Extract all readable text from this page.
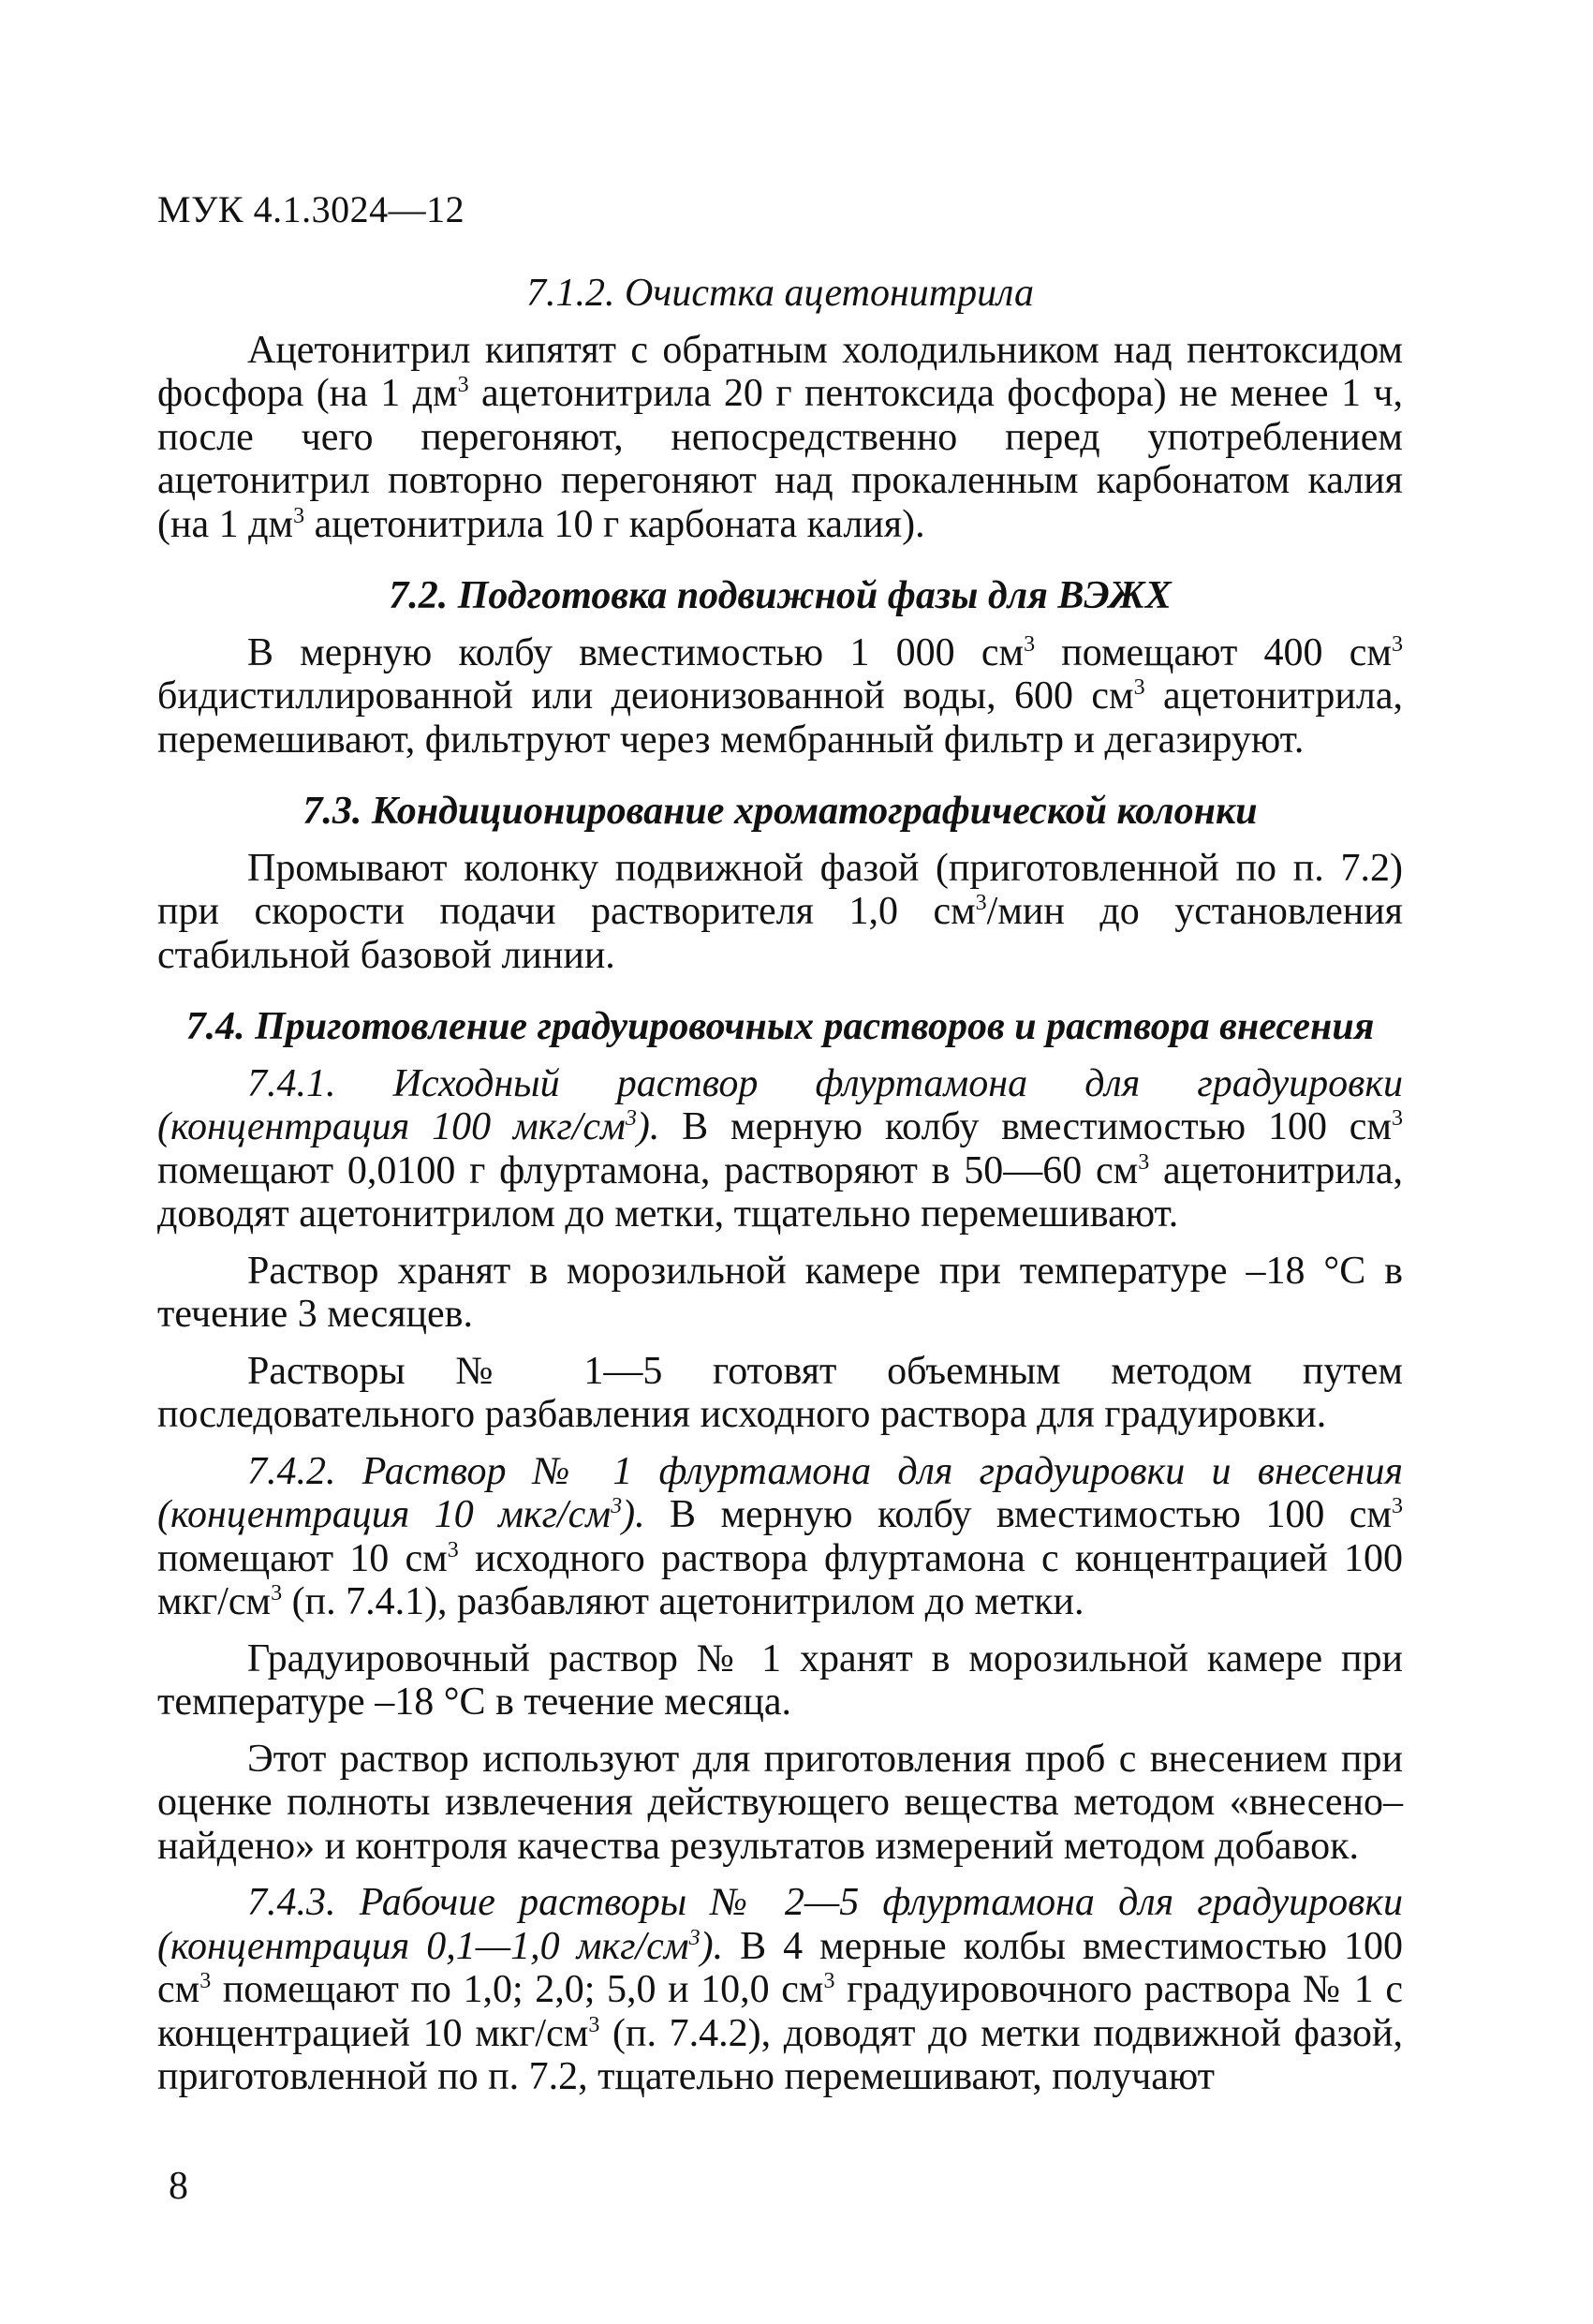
МУК 4.1.3024—12

7.1.2. Очистка ацетонитрила

Ацетонитрил кипятят с обратным холодильником над пентоксидом фосфора (на 1 $дм^3$ ацетонитрила 20 г пентоксида фосфора) не менее 1 ч, после чего перегоняют, непосредственно перед употреблением ацетонитрил повторно перегоняют над прокаленным карбонатом калия (на 1 $дм^3$ ацетонитрила 10 г карбоната калия).

7.2. Подготовка подвижной фазы для ВЭЖХ

В мерную колбу вместимостью 1 000 $см^3$ помещают 400 $см^3$ бидистиллированной или деионизованной воды, 600 $см^3$ ацетонитрила, перемешивают, фильтруют через мембранный фильтр и дегазируют.

7.3. Кондиционирование хроматографической колонки

Промывают колонку подвижной фазой (приготовленной по п. 7.2) при скорости подачи растворителя 1,0 $см^3$/мин до установления стабильной базовой линии.

7.4. Приготовление градуировочных растворов и раствора внесения

7.4.1. Исходный раствор флуртамона для градуировки (концентрация 100 мкг/$см^3$). В мерную колбу вместимостью 100 $см^3$ помещают 0,0100 г флуртамона, растворяют в 50—60 $см^3$ ацетонитрила, доводят ацетонитрилом до метки, тщательно перемешивают.

Раствор хранят в морозильной камере при температуре –18 °С в течение 3 месяцев.

Растворы № 1—5 готовят объемным методом путем последовательного разбавления исходного раствора для градуировки.

7.4.2. Раствор № 1 флуртамона для градуировки и внесения (концентрация 10 мкг/$см^3$). В мерную колбу вместимостью 100 $см^3$ помещают 10 $см^3$ исходного раствора флуртамона с концентрацией 100 мкг/$см^3$ (п. 7.4.1), разбавляют ацетонитрилом до метки.

Градуировочный раствор № 1 хранят в морозильной камере при температуре –18 °С в течение месяца.

Этот раствор используют для приготовления проб с внесением при оценке полноты извлечения действующего вещества методом «внесено–найдено» и контроля качества результатов измерений методом добавок.

7.4.3. Рабочие растворы № 2—5 флуртамона для градуировки (концентрация 0,1—1,0 мкг/$см^3$). В 4 мерные колбы вместимостью 100 $см^3$ помещают по 1,0; 2,0; 5,0 и 10,0 $см^3$ градуировочного раствора № 1 с концентрацией 10 мкг/$см^3$ (п. 7.4.2), доводят до метки подвижной фазой, приготовленной по п. 7.2, тщательно перемешивают, получают

8
